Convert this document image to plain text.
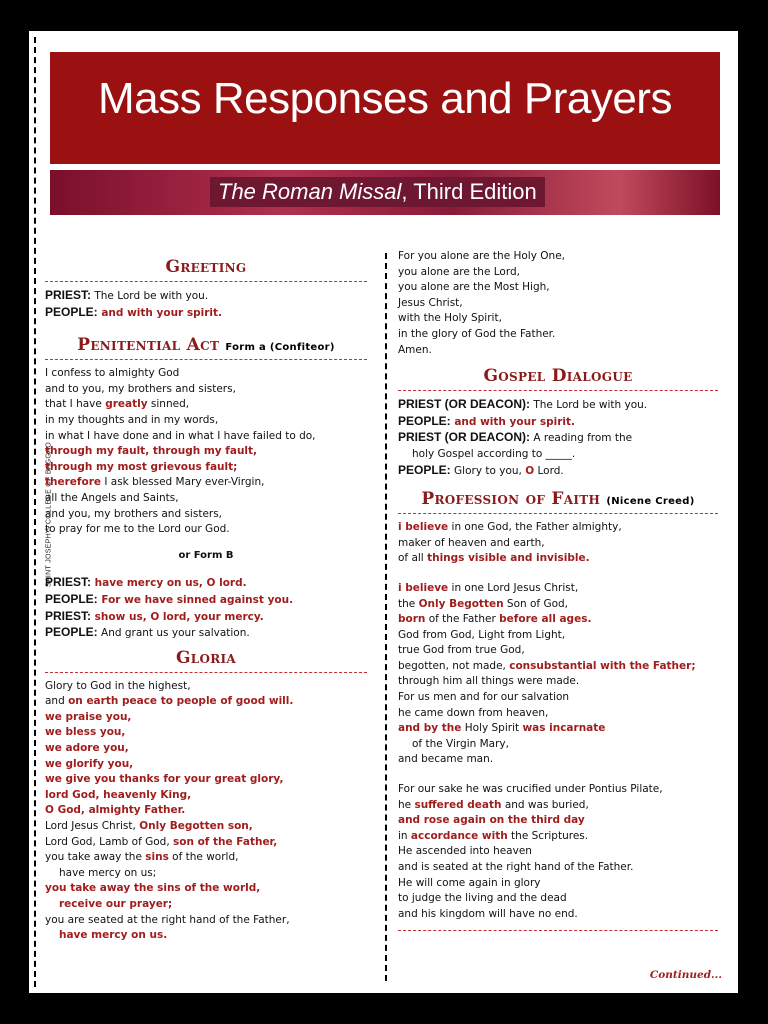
SAINT JOSEPH'S COLLEGE OF BAGGAO
Mass Responses and Prayers
The Roman Missal, Third Edition
Greeting
PRIEST: The Lord be with you.
PEOPLE: and with your spirit.
Penitential Act Form a (Confiteor)
I confess to almighty God
and to you, my brothers and sisters,
that I have greatly sinned,
in my thoughts and in my words,
in what I have done and in what I have failed to do,
through my fault, through my fault,
through my most grievous fault;
therefore I ask blessed Mary ever-Virgin,
all the Angels and Saints,
and you, my brothers and sisters,
to pray for me to the Lord our God.
or Form B
PRIEST: have mercy on us, O lord.
PEOPLE: For we have sinned against you.
PRIEST: show us, O lord, your mercy.
PEOPLE: And grant us your salvation.
Gloria
Glory to God in the highest,
and on earth peace to people of good will.
we praise you,
we bless you,
we adore you,
we glorify you,
we give you thanks for your great glory,
lord God, heavenly King,
O God, almighty Father.
Lord Jesus Christ, Only Begotten son,
Lord God, Lamb of God, son of the Father,
you take away the sins of the world,
have mercy on us;
you take away the sins of the world,
receive our prayer;
you are seated at the right hand of the Father,
have mercy on us.
For you alone are the Holy One,
you alone are the Lord,
you alone are the Most High,
Jesus Christ,
with the Holy Spirit,
in the glory of God the Father.
Amen.
Gospel Dialogue
PRIEST (OR DEACON): The Lord be with you.
PEOPLE: and with your spirit.
PRIEST (OR DEACON): A reading from the
holy Gospel according to _____.
PEOPLE: Glory to you, O Lord.
Profession of Faith (Nicene Creed)
i believe in one God, the Father almighty,
maker of heaven and earth,
of all things visible and invisible.
i believe in one Lord Jesus Christ,
the Only Begotten Son of God,
born of the Father before all ages.
God from God, Light from Light,
true God from true God,
begotten, not made, consubstantial with the Father;
through him all things were made.
For us men and for our salvation
he came down from heaven,
and by the Holy Spirit was incarnate
of the Virgin Mary,
and became man.
For our sake he was crucified under Pontius Pilate,
he suffered death and was buried,
and rose again on the third day
in accordance with the Scriptures.
He ascended into heaven
and is seated at the right hand of the Father.
He will come again in glory
to judge the living and the dead
and his kingdom will have no end.
Continued...
